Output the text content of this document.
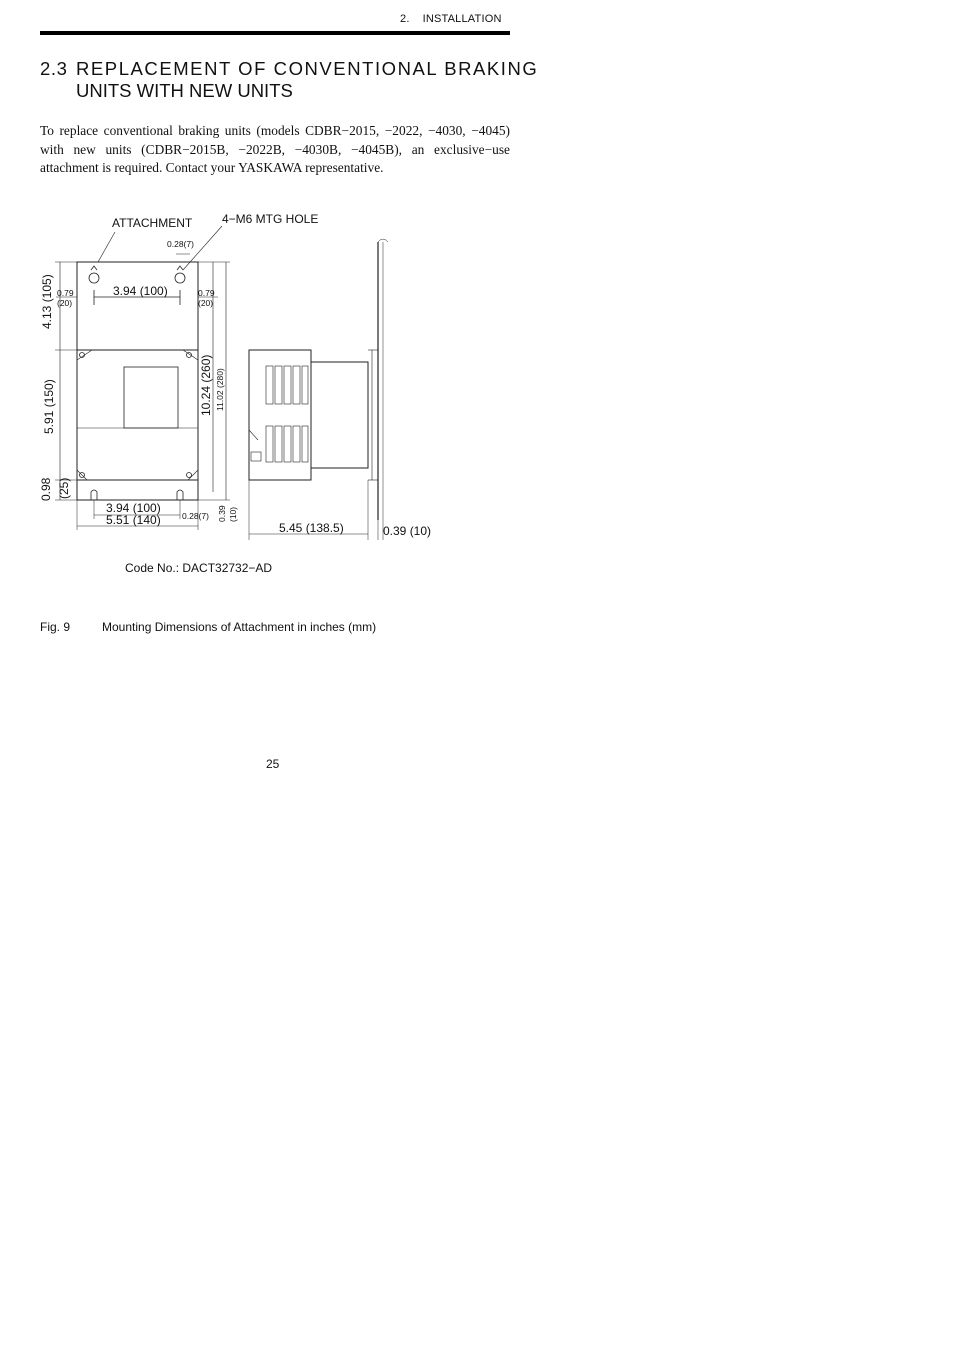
2.    INSTALLATION
2.3 REPLACEMENT OF CONVENTIONAL BRAKING
UNITS WITH NEW UNITS

To replace conventional braking units (models CDBR−2015, −2022, −4030, −4045) with new units (CDBR−2015B, −2022B, −4030B, −4045B), an exclusive−use attachment is required. Contact your YASKAWA representative.

ATTACHMENT 4−M6 MTG HOLE
0.28(7)
3.94 (100)
0.79
(20)
0.79
(20)
4.13 (105)
5.91 (150)
0.98 (25)
10.24 (260) 11.02 (280)
3.94 (100)
5.51 (140)	0.28(7) 0.39 (10)
5.45 (138.5)	0.39 (10)
Code No.: DACT32732−AD
Fig. 9	Mounting Dimensions of Attachment in inches (mm)
25
